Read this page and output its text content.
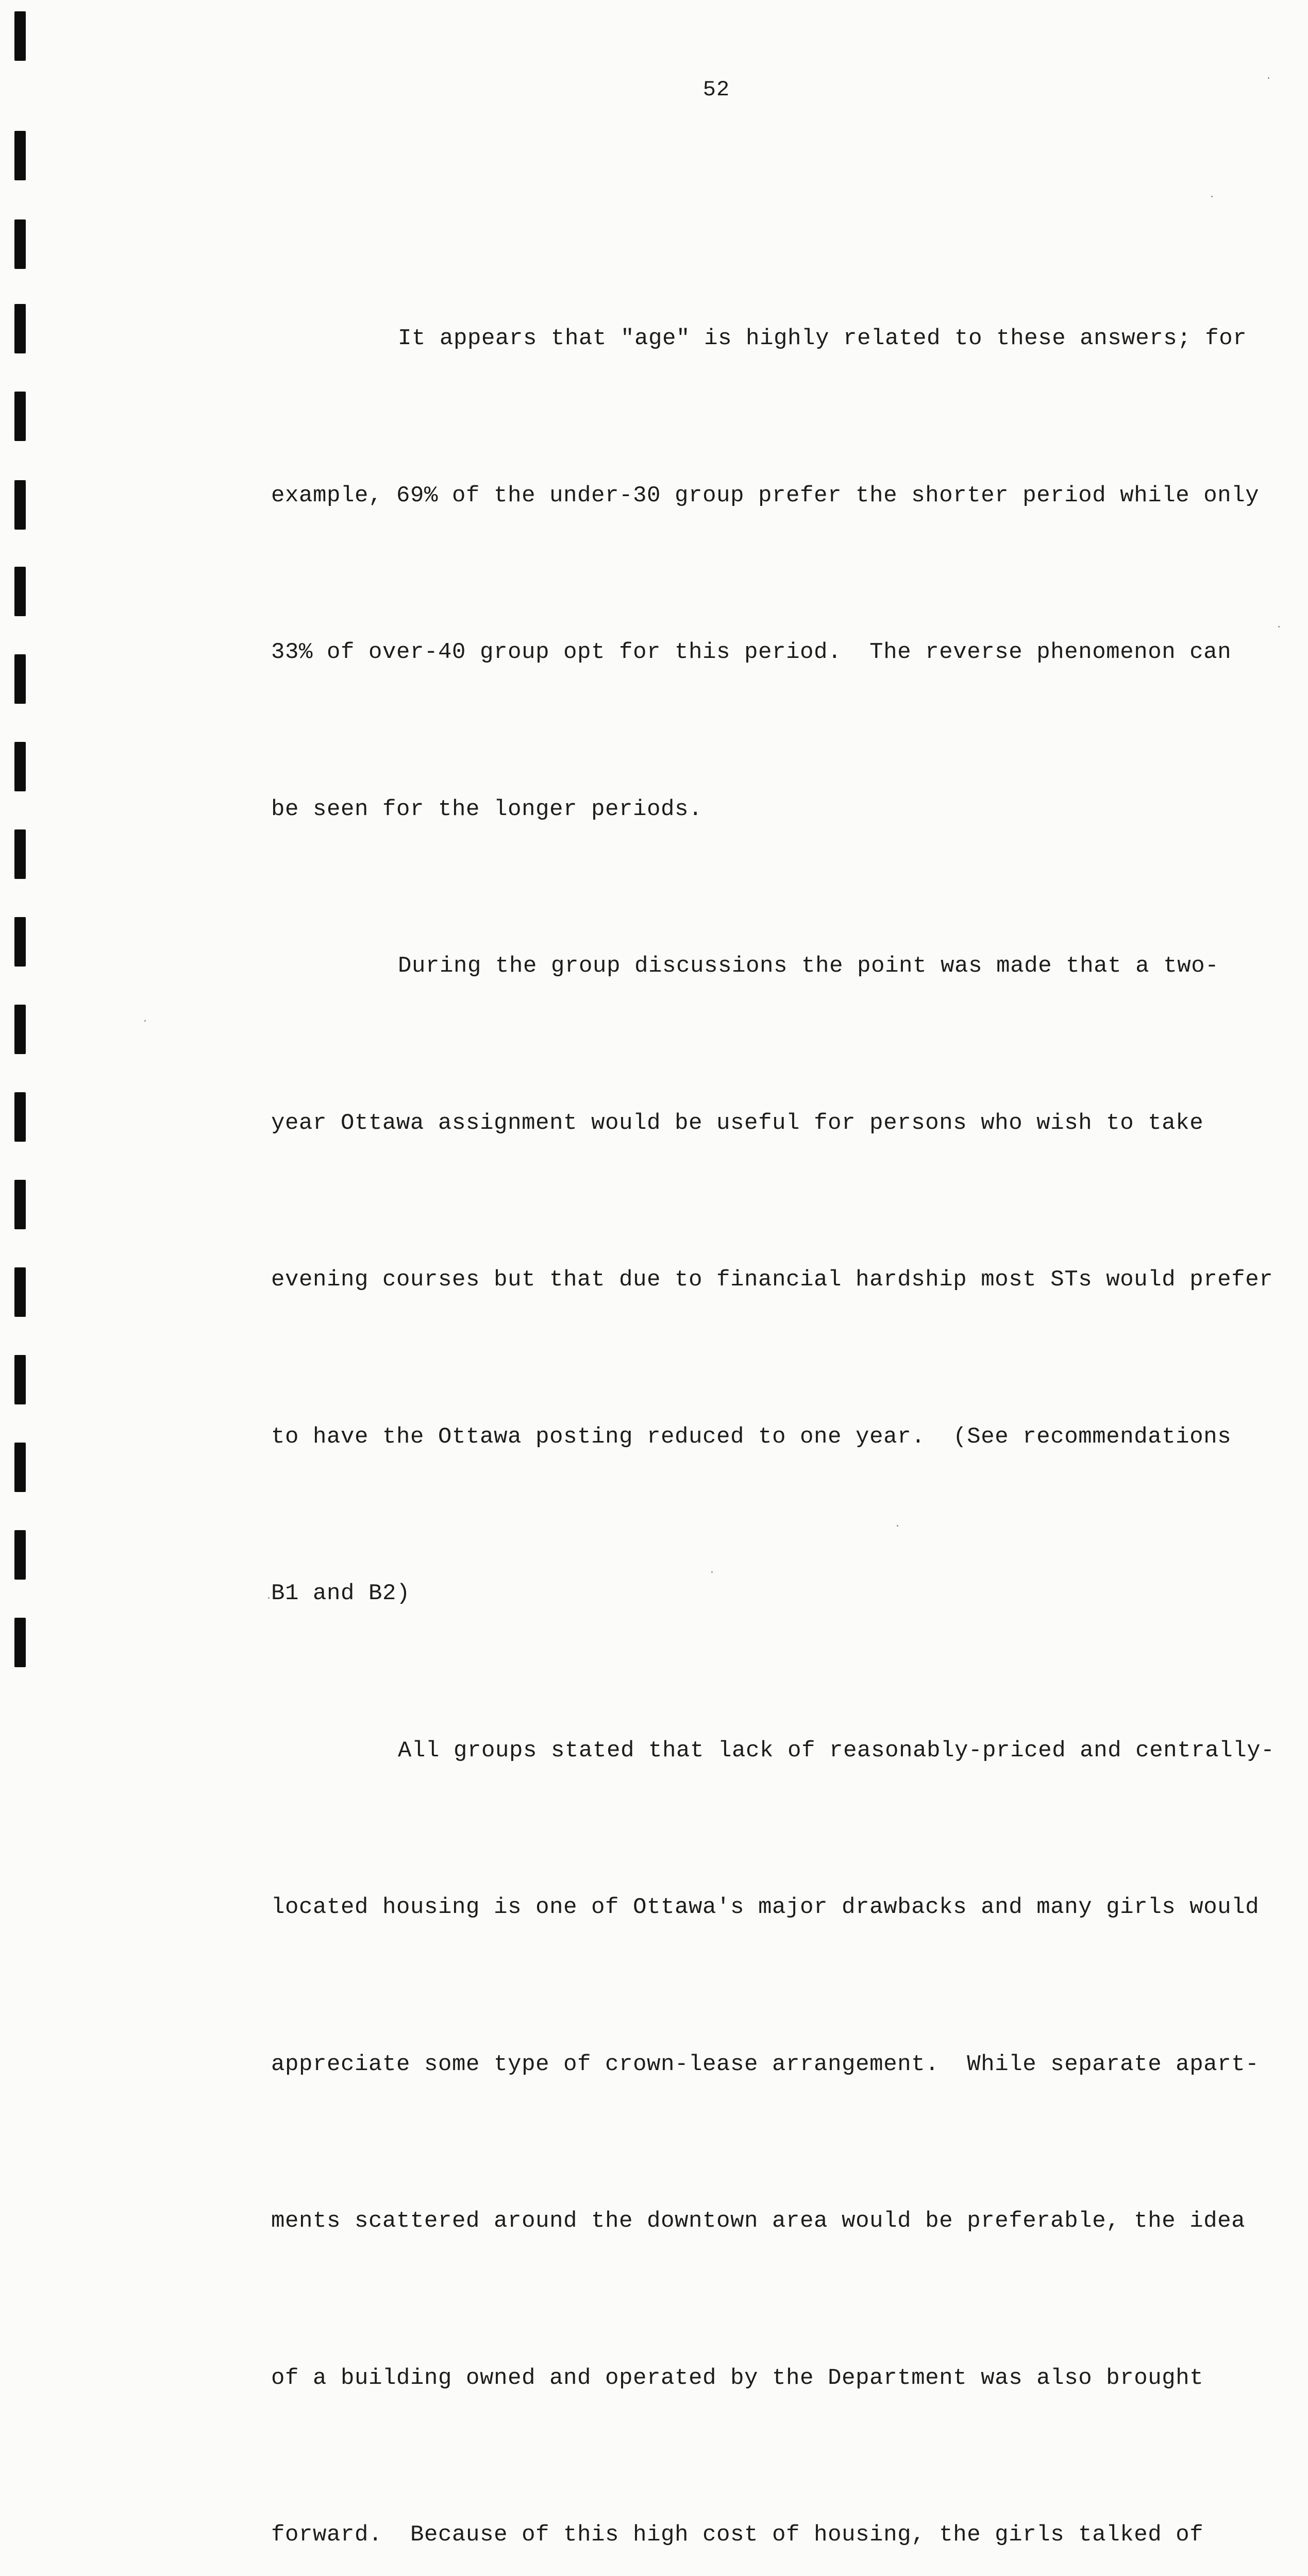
52

It appears that "age" is highly related to these answers; for

example, 69% of the under-30 group prefer the shorter period while only

33% of over-40 group opt for this period.  The reverse phenomenon can

be seen for the longer periods.

During the group discussions the point was made that a two-

year Ottawa assignment would be useful for persons who wish to take

evening courses but that due to financial hardship most STs would prefer

to have the Ottawa posting reduced to one year.  (See recommendations

B1 and B2)

All groups stated that lack of reasonably-priced and centrally-

located housing is one of Ottawa's major drawbacks and many girls would

appreciate some type of crown-lease arrangement.  While separate apart-

ments scattered around the downtown area would be preferable, the idea

of a building owned and operated by the Department was also brought

forward.  Because of this high cost of housing, the girls talked of
